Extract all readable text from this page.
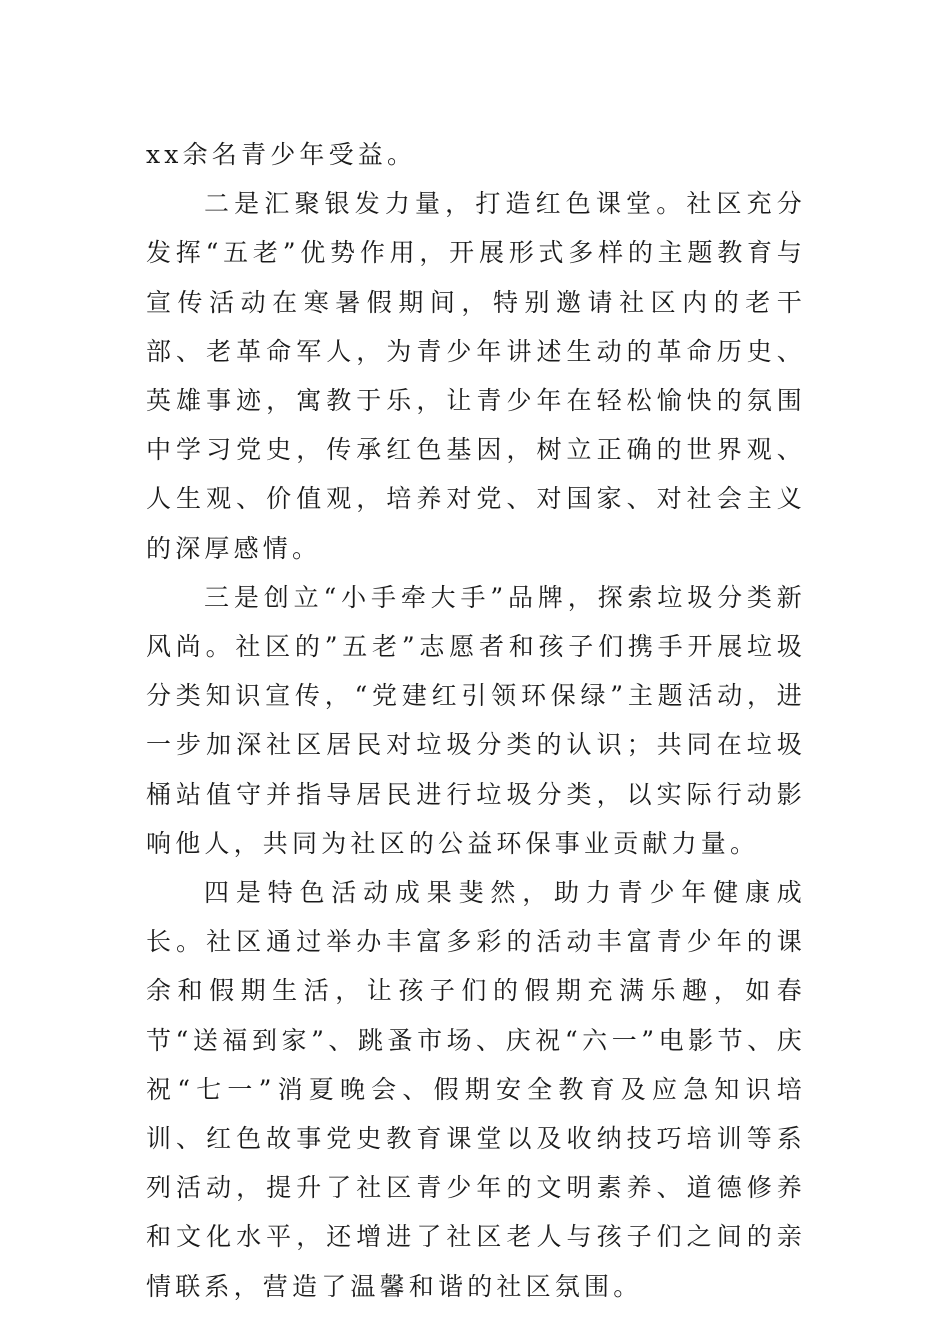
xx余名青少年受益。

二是汇聚银发力量，打造红色课堂。社区充分发挥“五老”优势作用，开展形式多样的主题教育与宣传活动在寒暑假期间，特别邀请社区内的老干部、老革命军人，为青少年讲述生动的革命历史、英雄事迹，寓教于乐，让青少年在轻松愉快的氛围中学习党史，传承红色基因，树立正确的世界观、人生观、价值观，培养对党、对国家、对社会主义的深厚感情。

三是创立“小手牵大手”品牌，探索垃圾分类新风尚。社区的”五老”志愿者和孩子们携手开展垃圾分类知识宣传，“党建红引领环保绿”主题活动，进一步加深社区居民对垃圾分类的认识；共同在垃圾桶站值守并指导居民进行垃圾分类，以实际行动影响他人，共同为社区的公益环保事业贡献力量。

四是特色活动成果斐然，助力青少年健康成长。社区通过举办丰富多彩的活动丰富青少年的课余和假期生活，让孩子们的假期充满乐趣，如春节“送福到家”、跳蚤市场、庆祝“六一”电影节、庆祝“七一”消夏晚会、假期安全教育及应急知识培训、红色故事党史教育课堂以及收纳技巧培训等系列活动，提升了社区青少年的文明素养、道德修养和文化水平，还增进了社区老人与孩子们之间的亲情联系，营造了温馨和谐的社区氛围。
